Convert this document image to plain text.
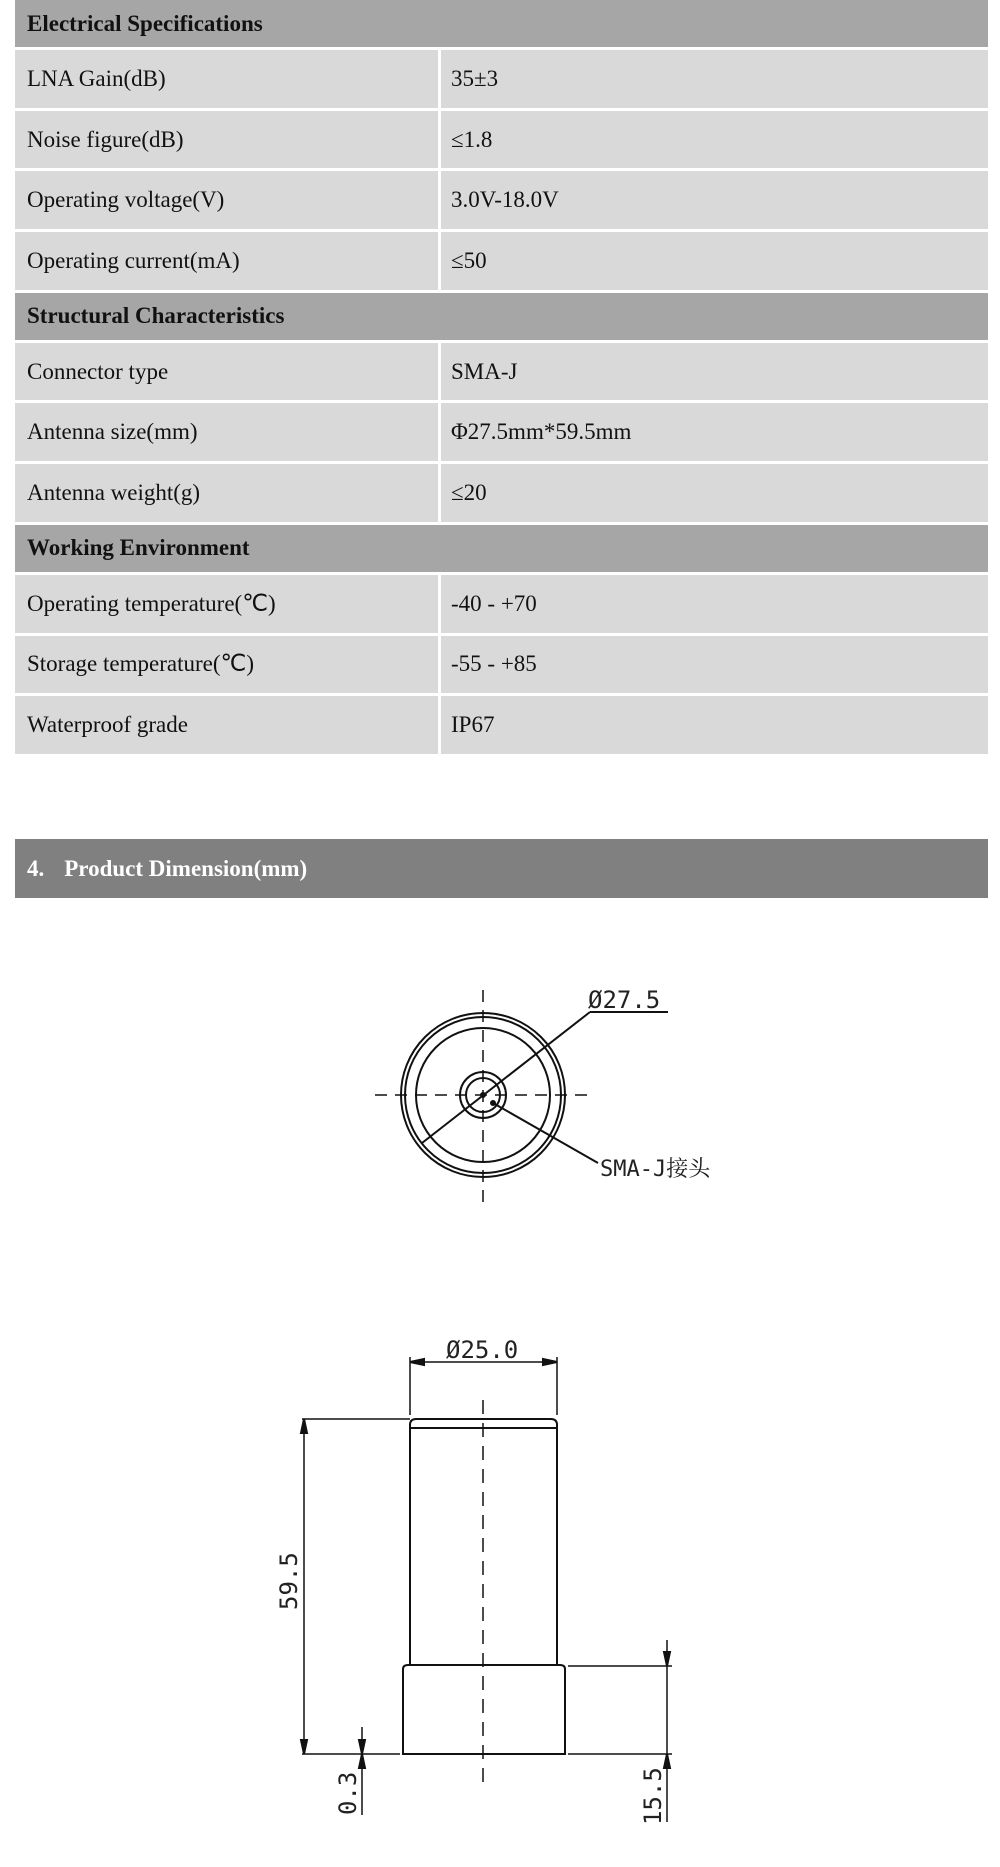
Electrical Specifications
LNA Gain(dB)	35±3
Noise figure(dB)	≤1.8
Operating voltage(V)	3.0V-18.0V
Operating current(mA)	≤50
Structural Characteristics
Connector type	SMA-J
Antenna size(mm)	Φ27.5mm*59.5mm
Antenna weight(g)	≤20
Working Environment
Operating temperature(℃)	-40 - +70
Storage temperature(℃)	-55 - +85
Waterproof grade	IP67
4. Product Dimension(mm)
Ø27.5
SMA-J接头
Ø25.0
59.5
0.3	15.5
